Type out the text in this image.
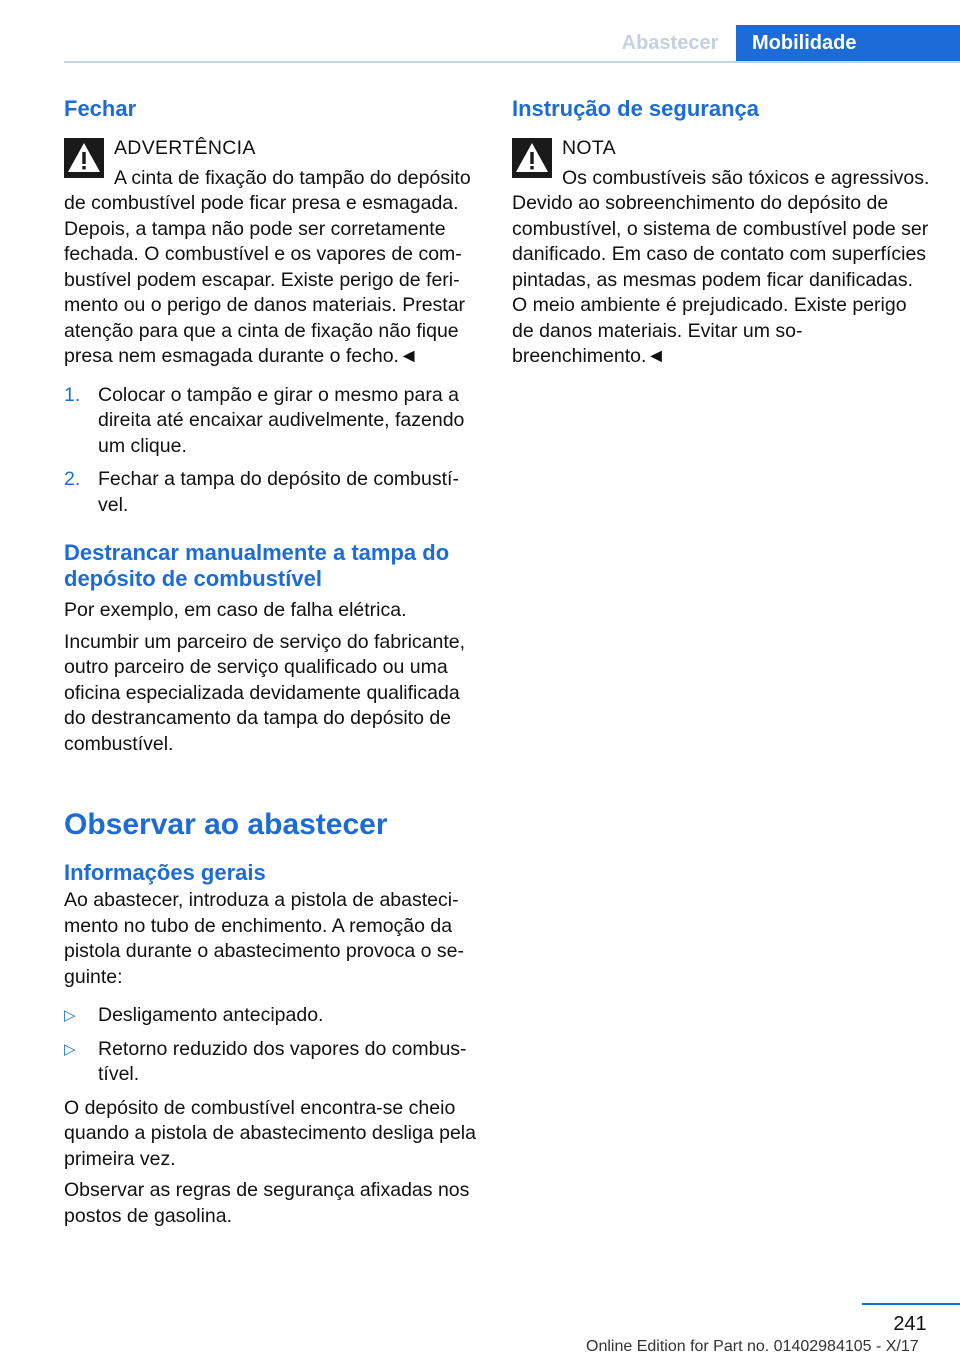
Abastecer	Mobilidade
Fechar

ADVERTÊNCIA

A cinta de fixação do tampão do depósito de combustível pode ficar presa e esmagada. Depois, a tampa não pode ser corretamente fechada. O combustível e os vapores de combustível podem escapar. Existe perigo de ferimento ou o perigo de danos materiais. Prestar atenção para que a cinta de fixação não fique presa nem esmagada durante o fecho.◄

1. Colocar o tampão e girar o mesmo para a direita até encaixar audivelmente, fazendo um clique.
2. Fechar a tampa do depósito de combustível.
Destrancar manualmente a tampa do depósito de combustível

Por exemplo, em caso de falha elétrica.

Incumbir um parceiro de serviço do fabricante, outro parceiro de serviço qualificado ou uma oficina especializada devidamente qualificada do destrancamento da tampa do depósito de combustível.

Observar ao abastecer
Informações gerais

Ao abastecer, introduza a pistola de abastecimento no tubo de enchimento. A remoção da pistola durante o abastecimento provoca o seguinte:

▷ Desligamento antecipado.
▷ Retorno reduzido dos vapores do combustível.

O depósito de combustível encontra-se cheio quando a pistola de abastecimento desliga pela primeira vez.

Observar as regras de segurança afixadas nos postos de gasolina.

Instrução de segurança

NOTA

Os combustíveis são tóxicos e agressivos. Devido ao sobreenchimento do depósito de combustível, o sistema de combustível pode ser danificado. Em caso de contato com superfícies pintadas, as mesmas podem ficar danificadas. O meio ambiente é prejudicado. Existe perigo de danos materiais. Evitar um sobreenchimento.◄

241
Online Edition for Part no. 01402984105 - X/17
